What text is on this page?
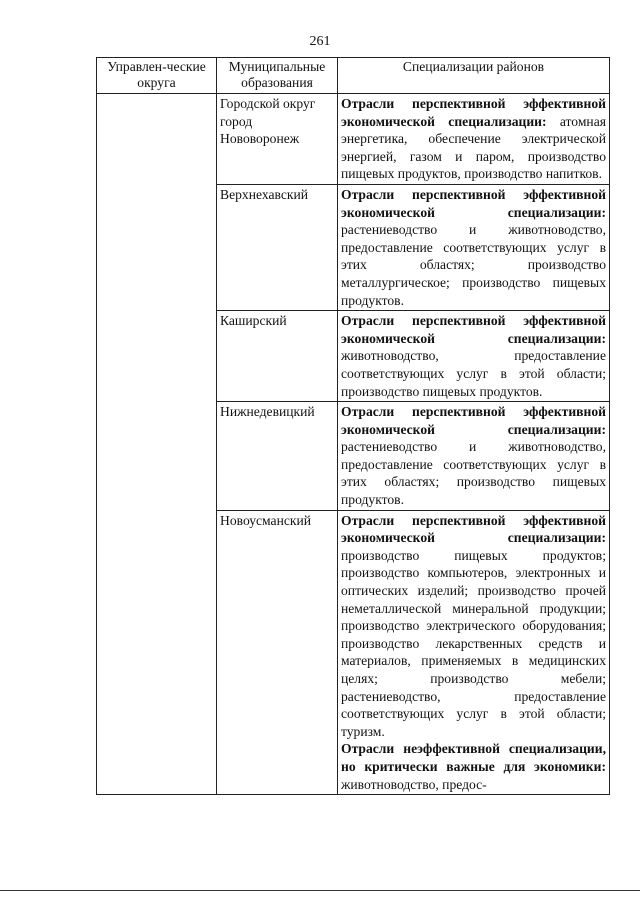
261
Управлен-ческие округа	Муниципальные образования	Специализации районов
	Городской округ город Нововоронеж	Отрасли перспективной эффективной экономической специализации: атомная энергетика, обеспечение электрической энергией, газом и паром, производство пищевых продуктов, производство напитков.
	Верхнехавский	Отрасли перспективной эффективной экономической специализации: растениеводство и животноводство, предоставление соответствующих услуг в этих областях; производство металлургическое; производство пищевых продуктов.
	Каширский	Отрасли перспективной эффективной экономической специализации: животноводство, предоставление соответствующих услуг в этой области; производство пищевых продуктов.
	Нижнедевицкий	Отрасли перспективной эффективной экономической специализации: растениеводство и животноводство, предоставление соответствующих услуг в этих областях; производство пищевых продуктов.
	Новоусманский	Отрасли перспективной эффективной экономической специализации: производство пищевых продуктов; производство компьютеров, электронных и оптических изделий; производство прочей неметаллической минеральной продукции; производство электрического оборудования; производство лекарственных средств и материалов, применяемых в медицинских целях; производство мебели; растениеводство, предоставление соответствующих услуг в этой области; туризм.
Отрасли неэффективной специализации, но критически важные для экономики: животноводство, предос-
